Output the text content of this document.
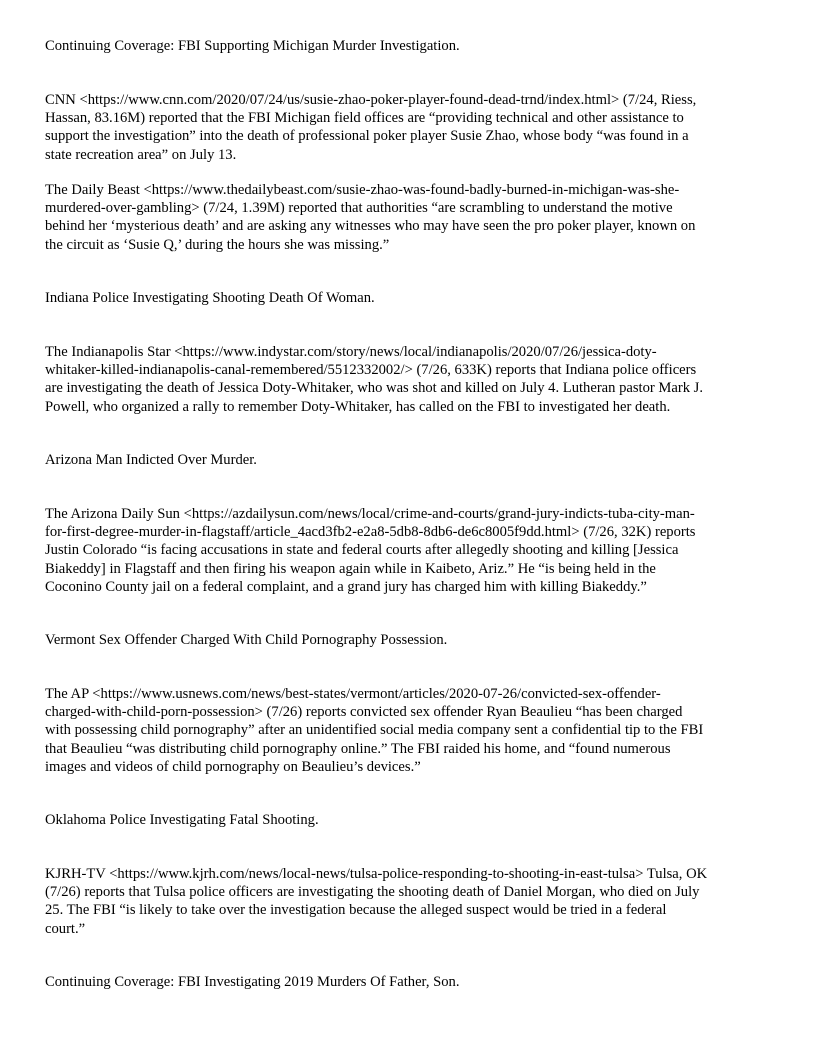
Continuing Coverage: FBI Supporting Michigan Murder Investigation.

CNN <https://www.cnn.com/2020/07/24/us/susie-zhao-poker-player-found-dead-trnd/index.html> (7/24, Riess,
Hassan, 83.16M) reported that the FBI Michigan field offices are “providing technical and other assistance to
support the investigation” into the death of professional poker player Susie Zhao, whose body “was found in a
state recreation area” on July 13.

The Daily Beast <https://www.thedailybeast.com/susie-zhao-was-found-badly-burned-in-michigan-was-she-
murdered-over-gambling> (7/24, 1.39M) reported that authorities “are scrambling to understand the motive
behind her ‘mysterious death’ and are asking any witnesses who may have seen the pro poker player, known on
the circuit as ‘Susie Q,’ during the hours she was missing.”

Indiana Police Investigating Shooting Death Of Woman.

The Indianapolis Star <https://www.indystar.com/story/news/local/indianapolis/2020/07/26/jessica-doty-
whitaker-killed-indianapolis-canal-remembered/5512332002/> (7/26, 633K) reports that Indiana police officers
are investigating the death of Jessica Doty-Whitaker, who was shot and killed on July 4. Lutheran pastor Mark J.
Powell, who organized a rally to remember Doty-Whitaker, has called on the FBI to investigated her death.

Arizona Man Indicted Over Murder.

The Arizona Daily Sun <https://azdailysun.com/news/local/crime-and-courts/grand-jury-indicts-tuba-city-man-
for-first-degree-murder-in-flagstaff/article_4acd3fb2-e2a8-5db8-8db6-de6c8005f9dd.html> (7/26, 32K) reports
Justin Colorado “is facing accusations in state and federal courts after allegedly shooting and killing [Jessica
Biakeddy] in Flagstaff and then firing his weapon again while in Kaibeto, Ariz.” He “is being held in the
Coconino County jail on a federal complaint, and a grand jury has charged him with killing Biakeddy.”

Vermont Sex Offender Charged With Child Pornography Possession.

The AP <https://www.usnews.com/news/best-states/vermont/articles/2020-07-26/convicted-sex-offender-
charged-with-child-porn-possession> (7/26) reports convicted sex offender Ryan Beaulieu “has been charged
with possessing child pornography” after an unidentified social media company sent a confidential tip to the FBI
that Beaulieu “was distributing child pornography online.” The FBI raided his home, and “found numerous
images and videos of child pornography on Beaulieu’s devices.”

Oklahoma Police Investigating Fatal Shooting.

KJRH-TV <https://www.kjrh.com/news/local-news/tulsa-police-responding-to-shooting-in-east-tulsa> Tulsa, OK
(7/26) reports that Tulsa police officers are investigating the shooting death of Daniel Morgan, who died on July
25. The FBI “is likely to take over the investigation because the alleged suspect would be tried in a federal
court.”

Continuing Coverage: FBI Investigating 2019 Murders Of Father, Son.
